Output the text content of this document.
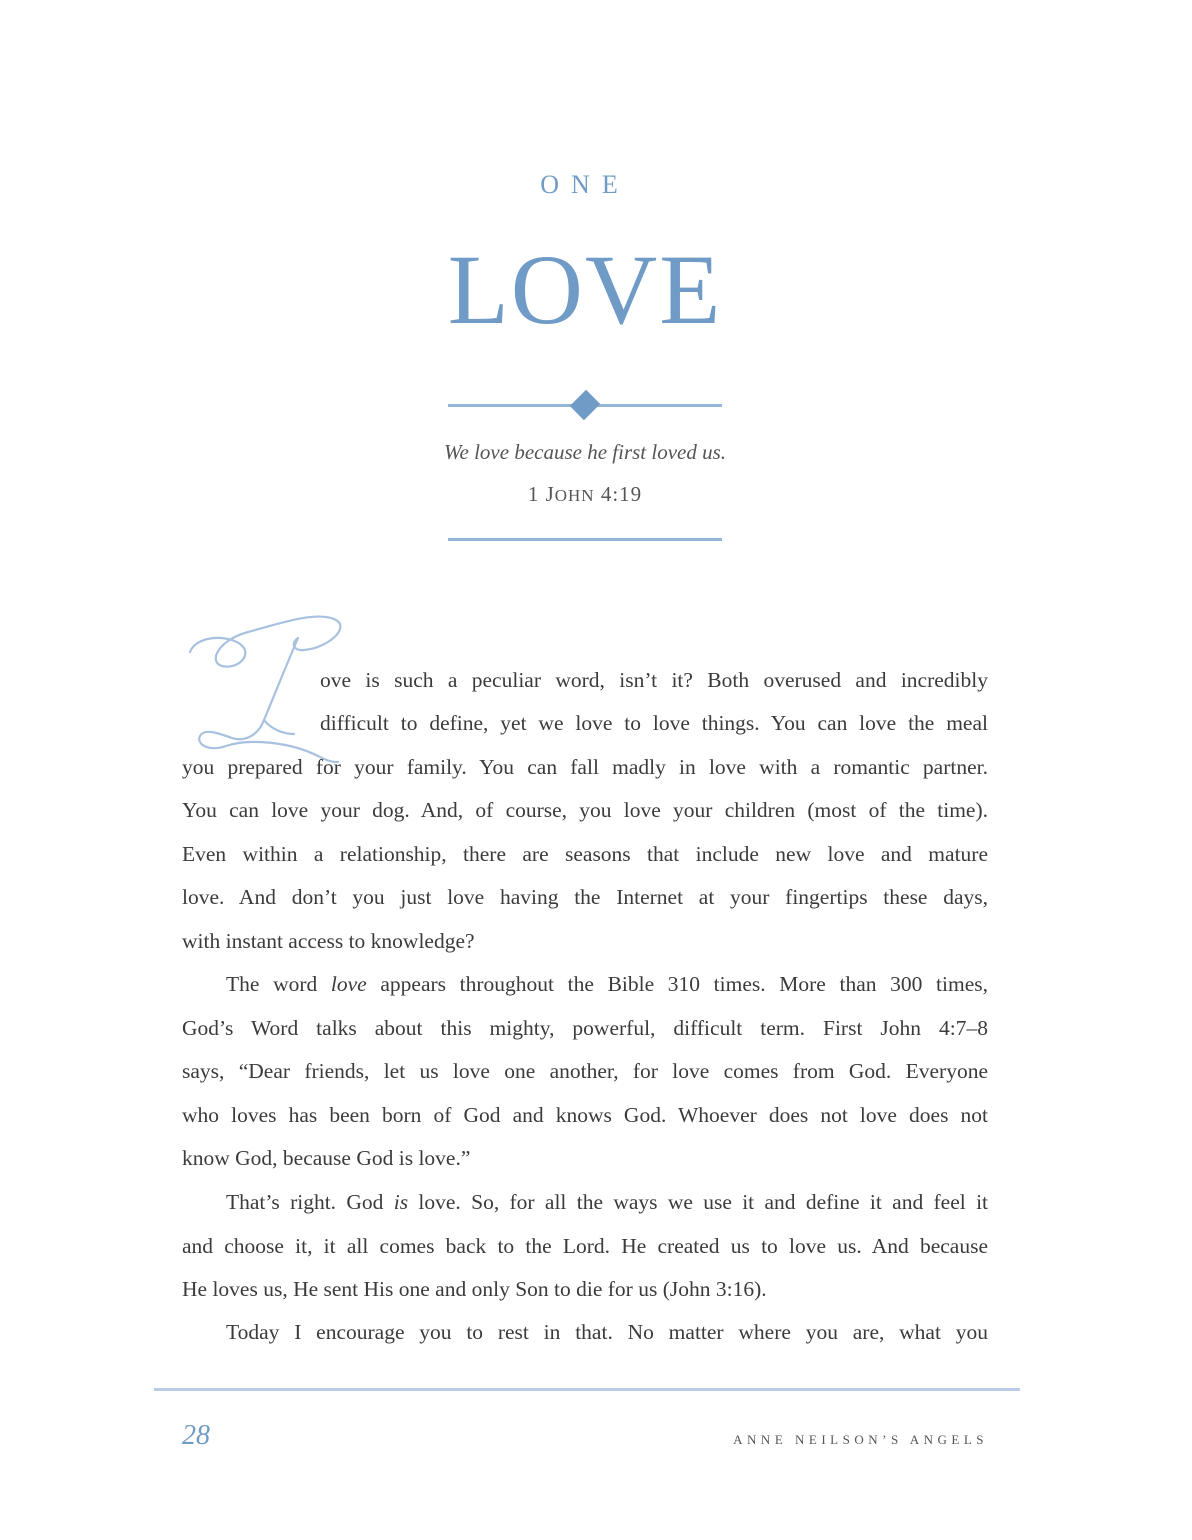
ONE
LOVE
We love because he first loved us.
1 JOHN 4:19
ove is such a peculiar word, isn’t it? Both overused and incredibly
difficult to define, yet we love to love things. You can love the meal
you prepared for your family. You can fall madly in love with a romantic partner.
You can love your dog. And, of course, you love your children (most of the time).
Even within a relationship, there are seasons that include new love and mature
love. And don’t you just love having the Internet at your fingertips these days,
with instant access to knowledge?
The word love appears throughout the Bible 310 times. More than 300 times,
God’s Word talks about this mighty, powerful, difficult term. First John 4:7–8
says, “Dear friends, let us love one another, for love comes from God. Everyone
who loves has been born of God and knows God. Whoever does not love does not
know God, because God is love.”
That’s right. God is love. So, for all the ways we use it and define it and feel it
and choose it, it all comes back to the Lord. He created us to love us. And because
He loves us, He sent His one and only Son to die for us (John 3:16).
Today I encourage you to rest in that. No matter where you are, what you
28	ANNE NEILSON’S ANGELS
